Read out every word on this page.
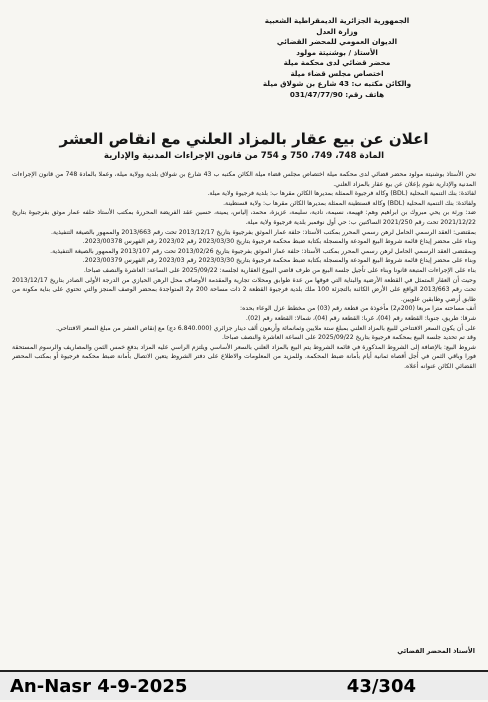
الجمهورية الجزائرية الديمقراطية الشعبية
وزارة العدل
الديوان العمومي للمحضر القضائي
الأستاذ / بوشنيتة مولود
محضر قضائي لدى محكمة ميلة
اختصاص مجلس قضاء ميلة
والكائن مكتبه ب: 43 شارع بن شولاق ميلة
هاتف رقم: 031/47/77/90
اعلان عن بيع عقار بالمزاد العلني مع انقاص العشر
المادة 748، 749، 750 و 754 من قانون الإجراءات المدنية والإدارية

نحن الأستاذ بوشنيتة مولود محضر قضائي لدى محكمة ميلة اختصاص مجلس قضاء ميلة الكائن مكتبه ب 43 شارع بن شولاق بلدية وولاية ميلة، وعملا بالمادة 748 من قانون الإجراءات المدنية والإدارية نقوم بإعلان عن بيع عقار بالمزاد العلني.

لفائدة: بنك التنمية المحلية (BDL) وكالة فرجيوة الممثلة بمديرها الكائن مقرها ب: بلدية فرجيوة ولاية ميلة.

ولفائدة: بنك التنمية المحلية (BDL) وكالة قسنطينة الممثلة بمديرها الكائن مقرها ب: ولاية قسنطينة.

ضد: ورثة بن يحي مبروك بن ابراهيم وهم: فهيمة، نسيمة، نادية، سليمة، عزيزة، محمد، إلياس، يمينة، حسين عقد الفريضة المحررة بمكتب الأستاذ حلفه عمار موثق بفرجيوة بتاريخ 2021/12/22 تحت رقم 2021/250 الساكنين ب: حي أول نوفمبر بلدية فرجيوة ولاية ميلة.

بمقتضى: العقد الرسمي الحامل لرهن رسمي المحرر بمكتب الأستاذ: حلفة عمار الموثق بفرجيوة بتاريخ 2013/12/17 تحت رقم 2013/663 والممهور بالصيغة التنفيذية.

وبناء على محضر إيداع قائمة شروط البيع المودعة والمسجلة بكتابة ضبط محكمة فرجيوة بتاريخ 2023/03/30 رقم 2023/02 رقم الفهرس 2023/00378.

وبمقتضى العقد الرسمي الحامل لرهن رسمي المحرر بمكتب الأستاذ: حلفة عمار الموثق بفرجيوة بتاريخ 2013/02/26 تحت رقم 2013/107 والممهور بالصيغة التنفيذية.

وبناء على محضر إيداع قائمة شروط البيع المودعة والمسجلة بكتابة ضبط محكمة فرجيوة بتاريخ 2023/03/30 رقم 2023/03 رقم الفهرس 2023/00379.

بناء على الإجراءات المتبعة قانونا وبناء على تأجيل جلسة البيع من طرف قاضي البيوع العقارية لجلسة: 2025/09/22 على الساعة: العاشرة والنصف صباحا.

وحيث أن العقار المتمثل في القطعة الأرضية والبناية التي فوقها من عدة طوابق ومحلات تجارية والمقدمة الأوصاف محل الرهن الحيازي من الدرجة الأولى الصادر بتاريخ 2013/12/17 تحت رقم 2013/663 الواقع على الأرض الكائنة بالتجزئة 100 ملك بلدية فرجيوة القطعة 2 ذات مساحة 200 م2 المتواجدة بمحضر الوصف المنجز والتي تحتوي على بناية مكونة من طابق أرضي وطابقين علويين.

أنف مساحته مترا مربعا (200م2) مأخوذة من قطعة رقم (03) من مخطط عزل الوعاء بحده:

شرقا: طريق، جنوبا: القطعة رقم (04)، غربا: القطعة رقم (04)، شمالا: القطعة رقم (02).

على أن يكون السعر الافتتاحي للبيع بالمزاد العلني بمبلغ ستة ملايين وثمانمائة وأربعون ألف دينار جزائري (6.840.000 دج) مع إنقاص العشر من مبلغ السعر الافتتاحي.

وقد تم تحديد جلسة البيع بمحكمة فرجيوة بتاريخ 2025/09/22 على الساعة العاشرة والنصف صباحا.

شروط البيع: بالإضافة إلى الشروط المذكورة في قائمة الشروط يتم البيع بالمزاد العلني بالسعر الأساسي ويلتزم الراسي عليه المزاد بدفع خمس الثمن والمصاريف والرسوم المستحقة فورا وباقي الثمن في أجل أقصاه ثمانية أيام بأمانة ضبط المحكمة. وللمزيد من المعلومات والاطلاع على دفتر الشروط يتعين الاتصال بأمانة ضبط محكمة فرجيوة أو بمكتب المحضر القضائي الكائن عنوانه أعلاه.

الأستاذ المحضر القضائي
An-Nasr 4-9-2025	43/304
